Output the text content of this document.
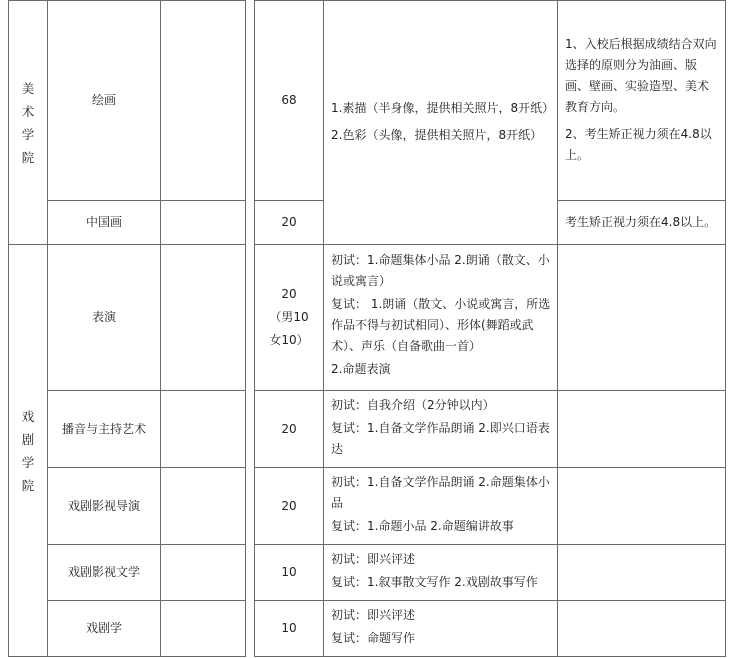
美
术
学
院
戏
剧
学
院
绘画
中国画
表演
播音与主持艺术
戏剧影视导演
戏剧影视文学
戏剧学
68
20
20
（男10
女10）
20
20
10
10

1.素描（半身像，提供相关照片，8开纸）

2.色彩（头像，提供相关照片，8开纸）

初试：1.命题集体小品 2.朗诵（散文、小说或寓言）

复试： 1.朗诵（散文、小说或寓言，所选作品不得与初试相同）、形体(舞蹈或武术）、声乐（自备歌曲一首）

2.命题表演

初试：自我介绍（2分钟以内）

复试：1.自备文学作品朗诵 2.即兴口语表达

初试：1.自备文学作品朗诵 2.命题集体小品

复试：1.命题小品 2.命题编讲故事

初试：即兴评述

复试：1.叙事散文写作 2.戏剧故事写作

初试：即兴评述

复试：命题写作

1、入校后根据成绩结合双向选择的原则分为油画、版画、壁画、实验造型、美术教育方向。

2、考生矫正视力须在4.8以上。

考生矫正视力须在4.8以上。
